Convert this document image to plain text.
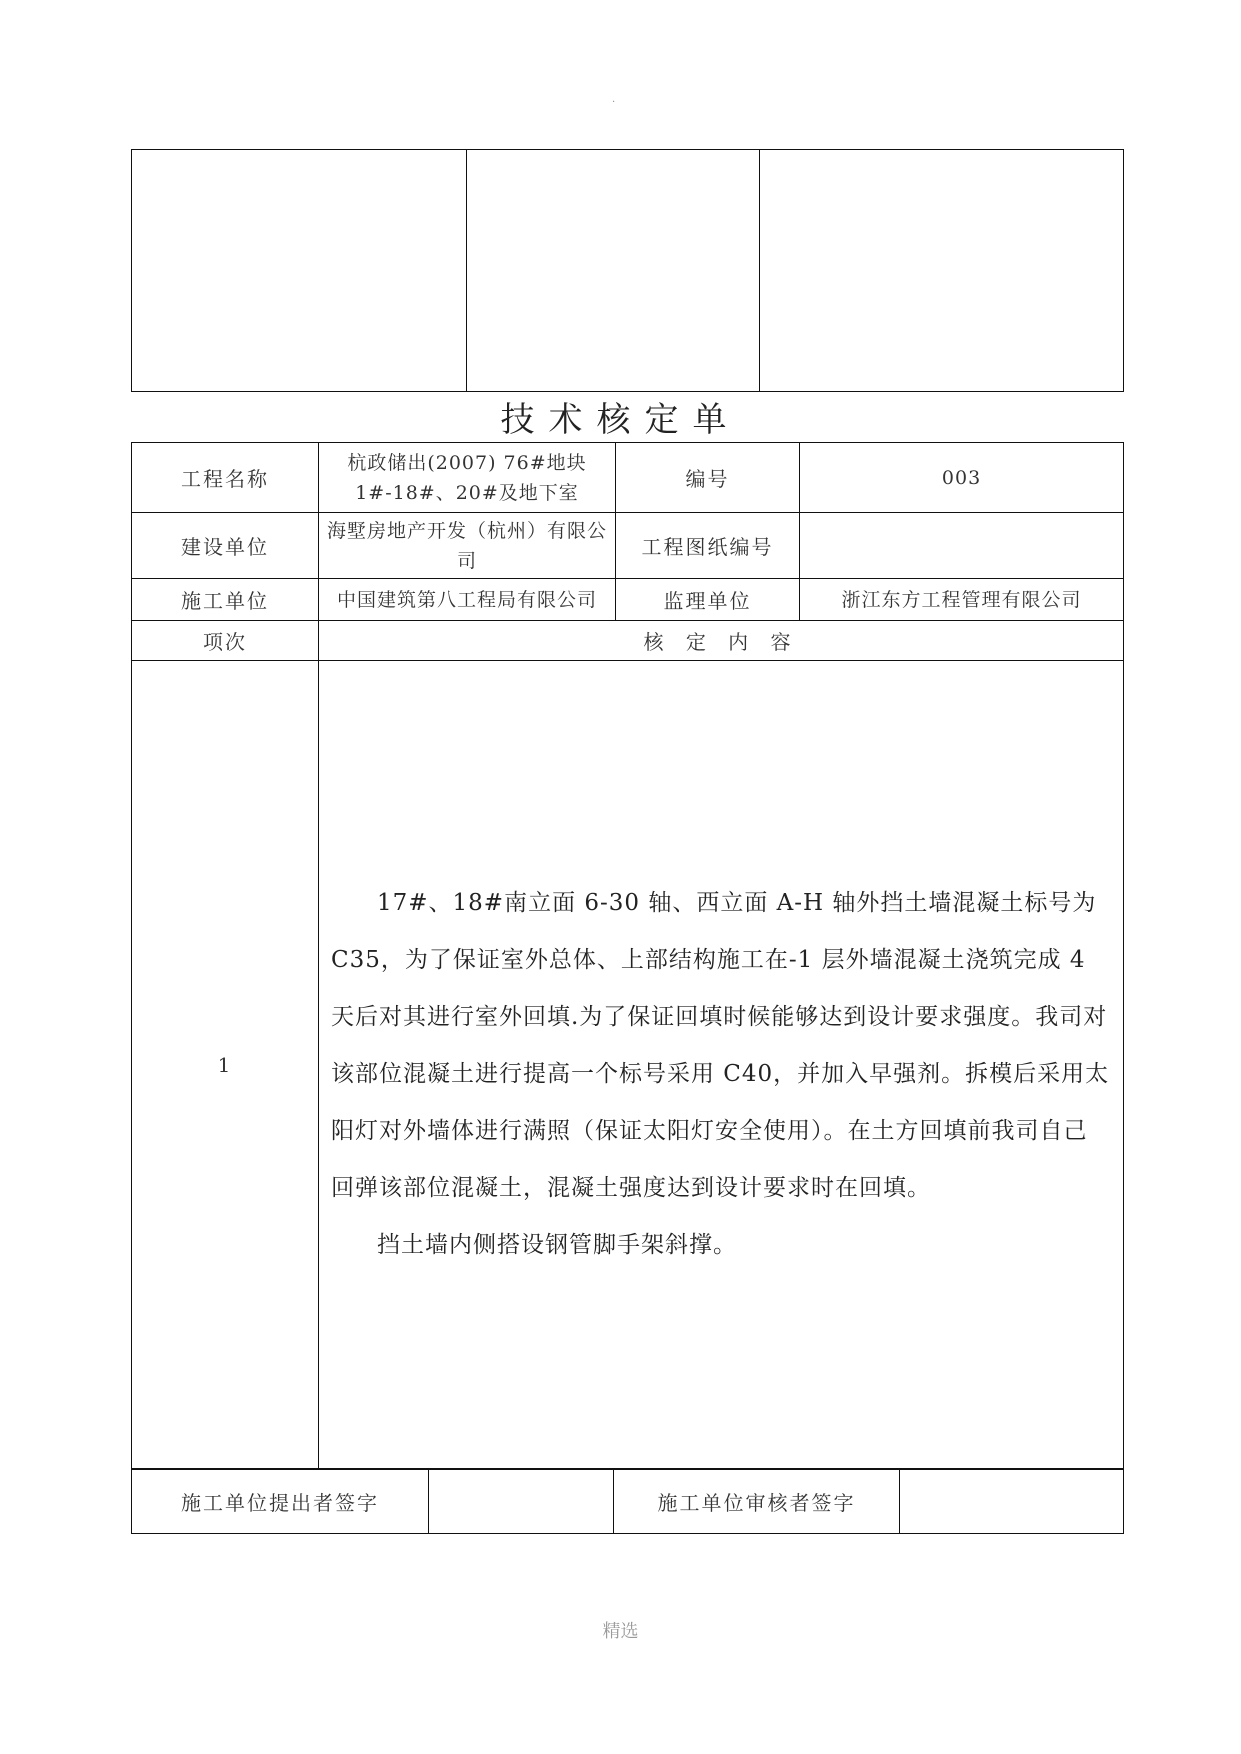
.

技术核定单
工程名称	杭政储出(2007) 76#地块 1#-18#、20#及地下室	编号	003
建设单位	海墅房地产开发（杭州）有限公司	工程图纸编号	
施工单位	中国建筑第八工程局有限公司	监理单位	浙江东方工程管理有限公司
项次	核 定 内 容		
1	17#、18#南立面 6-30 轴、西立面 A-H 轴外挡土墙混凝土标号为 C35，为了保证室外总体、上部结构施工在-1 层外墙混凝土浇筑完成 4 天后对其进行室外回填.为了保证回填时候能够达到设计要求强度。我司对该部位混凝土进行提高一个标号采用 C40，并加入早强剂。拆模后采用太阳灯对外墙体进行满照（保证太阳灯安全使用）。在土方回填前我司自己回弹该部位混凝土，混凝土强度达到设计要求时在回填。

挡土墙内侧搭设钢管脚手架斜撑。		

施工单位提出者签字		施工单位审核者签字	
精选
